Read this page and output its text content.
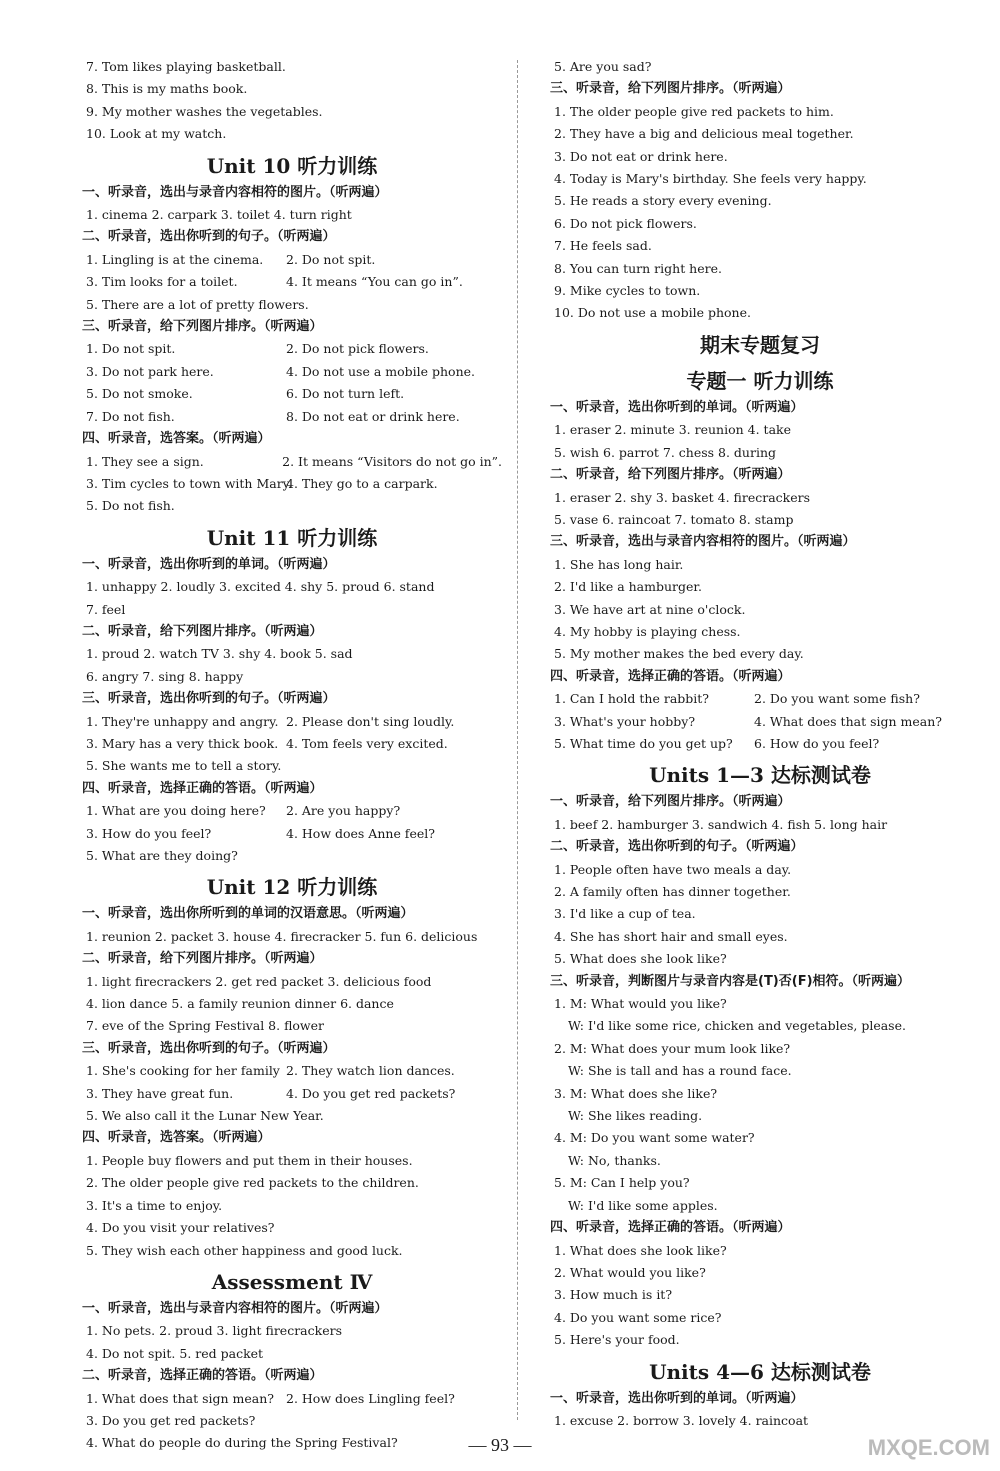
7. Tom likes playing basketball.
8. This is my maths book.
9. My mother washes the vegetables.
10. Look at my watch.
Unit 10 听力训练
一、听录音，选出与录音内容相符的图片。（听两遍）
1. cinema 2. carpark 3. toilet 4. turn right
二、听录音，选出你听到的句子。（听两遍）
1. Lingling is at the cinema.	2. Do not spit.
3. Tim looks for a toilet.	4. It means “You can go in”.
5. There are a lot of pretty flowers.
三、听录音，给下列图片排序。（听两遍）
1. Do not spit.	2. Do not pick flowers.
3. Do not park here.	4. Do not use a mobile phone.
5. Do not smoke.	6. Do not turn left.
7. Do not fish.	8. Do not eat or drink here.
四、听录音，选答案。（听两遍）
1. They see a sign.	2. It means “Visitors do not go in”.
3. Tim cycles to town with Mary.
4. They go to a carpark.
5. Do not fish.
Unit 11 听力训练
一、听录音，选出你听到的单词。（听两遍）
1. unhappy 2. loudly 3. excited 4. shy 5. proud 6. stand
7. feel
二、听录音，给下列图片排序。（听两遍）
1. proud 2. watch TV 3. shy 4. book 5. sad
6. angry 7. sing 8. happy
三、听录音，选出你听到的句子。（听两遍）
1. They're unhappy and angry. 2. Please don't sing loudly.
3. Mary has a very thick book. 4. Tom feels very excited.
5. She wants me to tell a story.
四、听录音，选择正确的答语。（听两遍）
1. What are you doing here?	2. Are you happy?
3. How do you feel?	4. How does Anne feel?
5. What are they doing?
Unit 12 听力训练
一、听录音，选出你所听到的单词的汉语意思。（听两遍）
1. reunion 2. packet 3. house 4. firecracker 5. fun 6. delicious
二、听录音，给下列图片排序。（听两遍）
1. light firecrackers 2. get red packet 3. delicious food
4. lion dance 5. a family reunion dinner 6. dance
7. eve of the Spring Festival 8. flower
三、听录音，选出你听到的句子。（听两遍）
1. She's cooking for her family 2. They watch lion dances.
3. They have great fun.	4. Do you get red packets?
5. We also call it the Lunar New Year.
四、听录音，选答案。（听两遍）
1. People buy flowers and put them in their houses.
2. The older people give red packets to the children.
3. It's a time to enjoy.
4. Do you visit your relatives?
5. They wish each other happiness and good luck.
Assessment Ⅳ
一、听录音，选出与录音内容相符的图片。（听两遍）
1. No pets. 2. proud 3. light firecrackers
4. Do not spit. 5. red packet
二、听录音，选择正确的答语。（听两遍）
1. What does that sign mean? 2. How does Lingling feel?
3. Do you get red packets?
4. What do people do during the Spring Festival?
5. Are you sad?
三、听录音，给下列图片排序。（听两遍）
1. The older people give red packets to him.
2. They have a big and delicious meal together.
3. Do not eat or drink here.
4. Today is Mary's birthday. She feels very happy.
5. He reads a story every evening.
6. Do not pick flowers.
7. He feels sad.
8. You can turn right here.
9. Mike cycles to town.
10. Do not use a mobile phone.
期末专题复习
专题一 听力训练
一、听录音，选出你听到的单词。（听两遍）
1. eraser 2. minute 3. reunion 4. take
5. wish 6. parrot 7. chess 8. during
二、听录音，给下列图片排序。（听两遍）
1. eraser 2. shy 3. basket 4. firecrackers
5. vase 6. raincoat 7. tomato 8. stamp
三、听录音，选出与录音内容相符的图片。（听两遍）
1. She has long hair.
2. I'd like a hamburger.
3. We have art at nine o'clock.
4. My hobby is playing chess.
5. My mother makes the bed every day.
四、听录音，选择正确的答语。（听两遍）
1. Can I hold the rabbit?	2. Do you want some fish?
3. What's your hobby?	4. What does that sign mean?
5. What time do you get up?	6. How do you feel?
Units 1—3 达标测试卷
一、听录音，给下列图片排序。（听两遍）
1. beef 2. hamburger 3. sandwich 4. fish 5. long hair
二、听录音，选出你听到的句子。（听两遍）
1. People often have two meals a day.
2. A family often has dinner together.
3. I'd like a cup of tea.
4. She has short hair and small eyes.
5. What does she look like?
三、听录音，判断图片与录音内容是(T)否(F)相符。（听两遍）
1. M: What would you like?
W: I'd like some rice, chicken and vegetables, please.
2. M: What does your mum look like?
W: She is tall and has a round face.
3. M: What does she like?
W: She likes reading.
4. M: Do you want some water?
W: No, thanks.
5. M: Can I help you?
W: I'd like some apples.
四、听录音，选择正确的答语。（听两遍）
1. What does she look like?
2. What would you like?
3. How much is it?
4. Do you want some rice?
5. Here's your food.
Units 4—6 达标测试卷
一、听录音，选出你听到的单词。（听两遍）
1. excuse 2. borrow 3. lovely 4. raincoat
— 93 —	MXQE.COM
